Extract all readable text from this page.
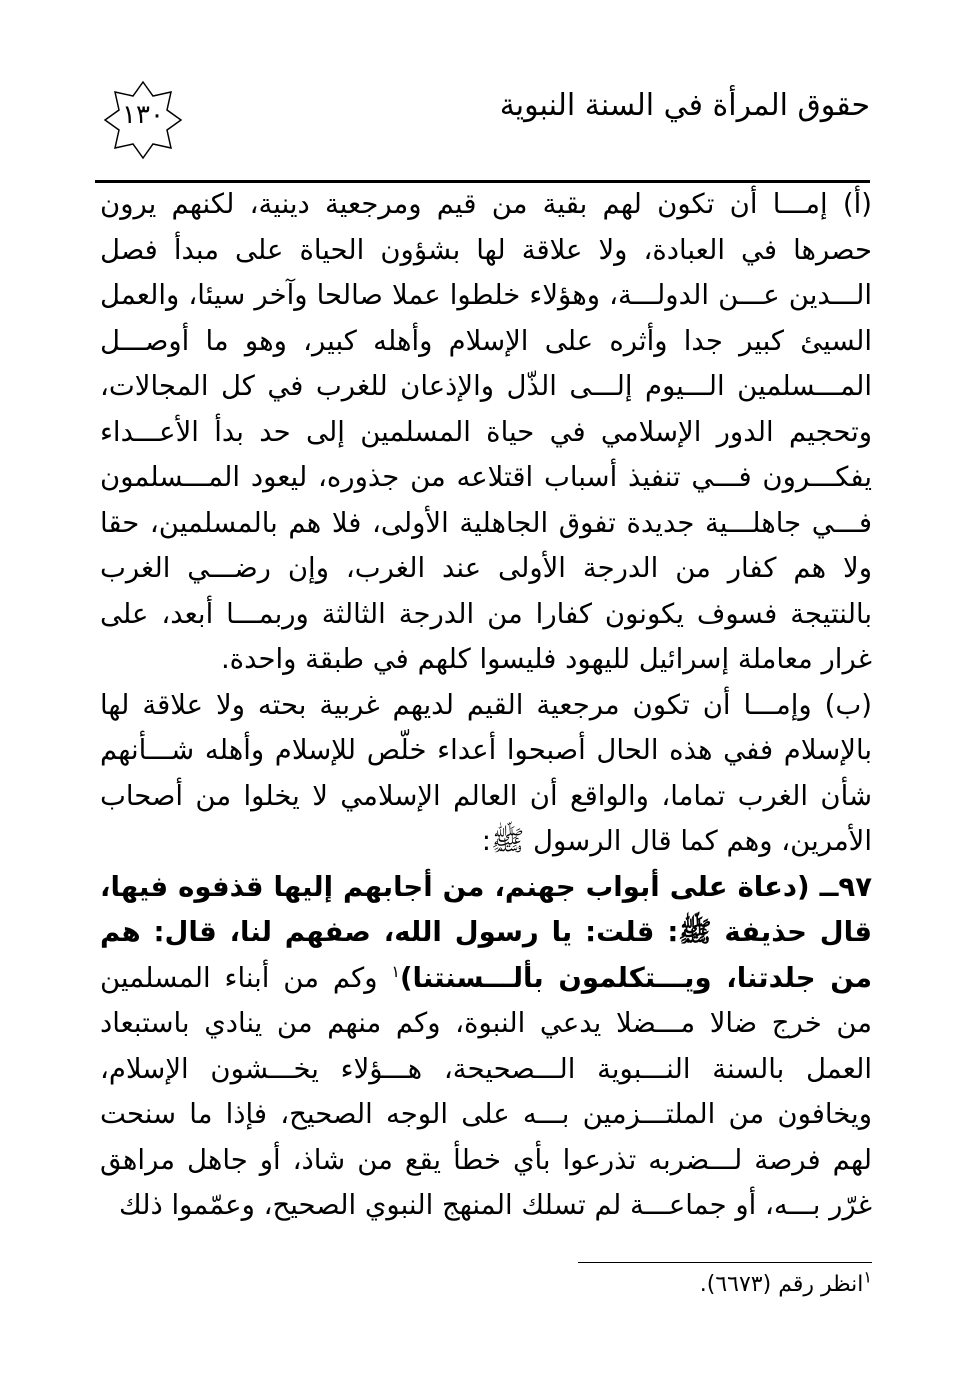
١٣٠	حقوق المرأة في السنة النبوية

(أ) إمـــا أن تكون لهم بقية من قيم ومرجعية دينية، لكنهم يرون حصرها في العبادة، ولا علاقة لها بشؤون الحياة على مبدأ فصل الـــدين عـــن الدولـــة، وهؤلاء خلطوا عملا صالحا وآخر سيئا، والعمل السيئ كبير جدا وأثره على الإسلام وأهله كبير، وهو ما أوصـــل المـــسلمين الـــيوم إلـــى الذّل والإذعان للغرب في كل المجالات، وتحجيم الدور الإسلامي في حياة المسلمين إلى حد بدأ الأعـــداء يفكـــرون فـــي تنفيذ أسباب اقتلاعه من جذوره، ليعود المـــسلمون فـــي جاهلـــية جديدة تفوق الجاهلية الأولى، فلا هم بالمسلمين، حقا ولا هم كفار من الدرجة الأولى عند الغرب، وإن رضـــي الغرب بالنتيجة فسوف يكونون كفارا من الدرجة الثالثة وربمـــا أبعد، على غرار معاملة إسرائيل لليهود فليسوا كلهم في طبقة واحدة.

(ب) وإمـــا أن تكون مرجعية القيم لديهم غربية بحته ولا علاقة لها بالإسلام ففي هذه الحال أصبحوا أعداء خلّص للإسلام وأهله شـــأنهم شأن الغرب تماما، والواقع أن العالم الإسلامي لا يخلوا من أصحاب الأمرين، وهم كما قال الرسول ﷺ:

٩٧ــ (دعاة على أبواب جهنم، من أجابهم إليها قذفوه فيها، قال حذيفة ﷺ: قلت: يا رسول الله، صفهم لنا، قال: هم من جلدتنا، ويـــتكلمون بألـــسنتنا)$^١$ وكم من أبناء المسلمين من خرج ضالا مـــضلا يدعي النبوة، وكم منهم من ينادي باستبعاد العمل بالسنة النـــبوية الـــصحيحة، هـــؤلاء يخـــشون الإسلام، ويخافون من الملتـــزمين بـــه على الوجه الصحيح، فإذا ما سنحت لهم فرصة لـــضربه تذرعوا بأي خطأ يقع من شاذ، أو جاهل مراهق غرّر بـــه، أو جماعـــة لم تسلك المنهج النبوي الصحيح، وعمّموا ذلك

$^١$انظر رقم (٦٦٧٣).
